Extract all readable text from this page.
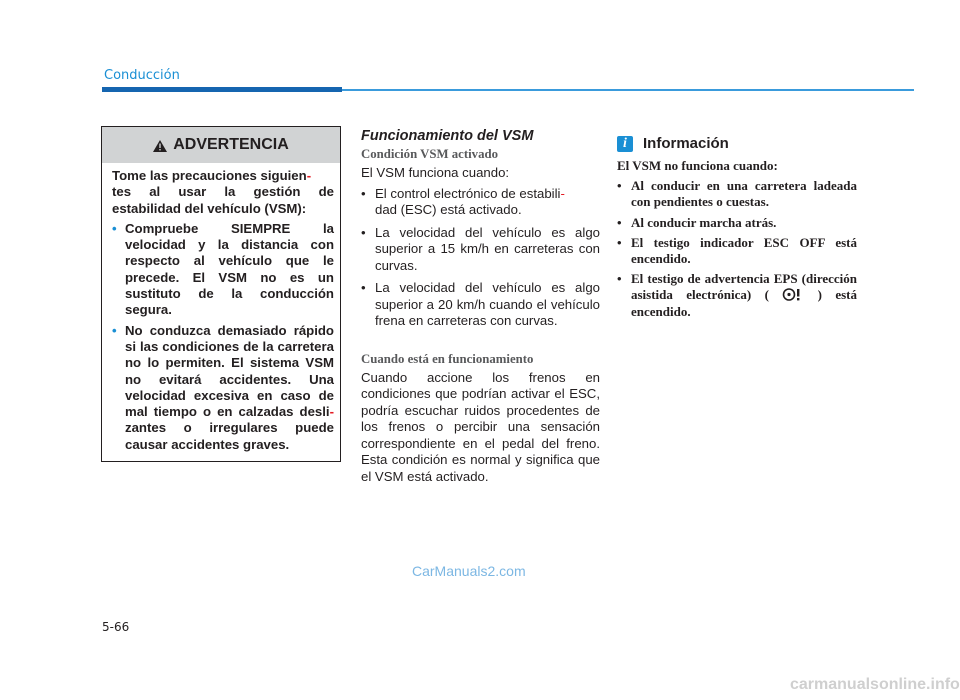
Conducción
ADVERTENCIA

Tome las precauciones siguien-
tes al usar la gestión de estabilidad del vehículo (VSM):

• Compruebe SIEMPRE la velocidad y la distancia con respecto al vehículo que le precede. El VSM no es un sustituto de la conducción segura.
• No conduzca demasiado rápido si las condiciones de la carretera no lo permiten. El sistema VSM no evitará accidentes. Una velocidad excesiva en caso de mal tiempo o en calzadas desli- zantes o irregulares puede causar accidentes graves.
Funcionamiento del VSM
Condición VSM activado

El VSM funciona cuando:

• El control electrónico de estabili-
dad (ESC) está activado.
• La velocidad del vehículo es algo superior a 15 km/h en carreteras con curvas.
• La velocidad del vehículo es algo superior a 20 km/h cuando el vehículo frena en carreteras con curvas.
Cuando está en funcionamiento

Cuando accione los frenos en condiciones que podrían activar el ESC, podría escuchar ruidos procedentes de los frenos o percibir una sensación correspondiente en el pedal del freno. Esta condición es normal y significa que el VSM está activado.

i	Información

El VSM no funciona cuando:

• Al conducir en una carretera ladeada con pendientes o cuestas.
• Al conducir marcha atrás.
• El testigo indicador ESC OFF está encendido.
• El testigo de advertencia EPS (dirección asistida electrónica) (	) está encendido.
5-66
CarManuals2.com
carmanualsonline.info
